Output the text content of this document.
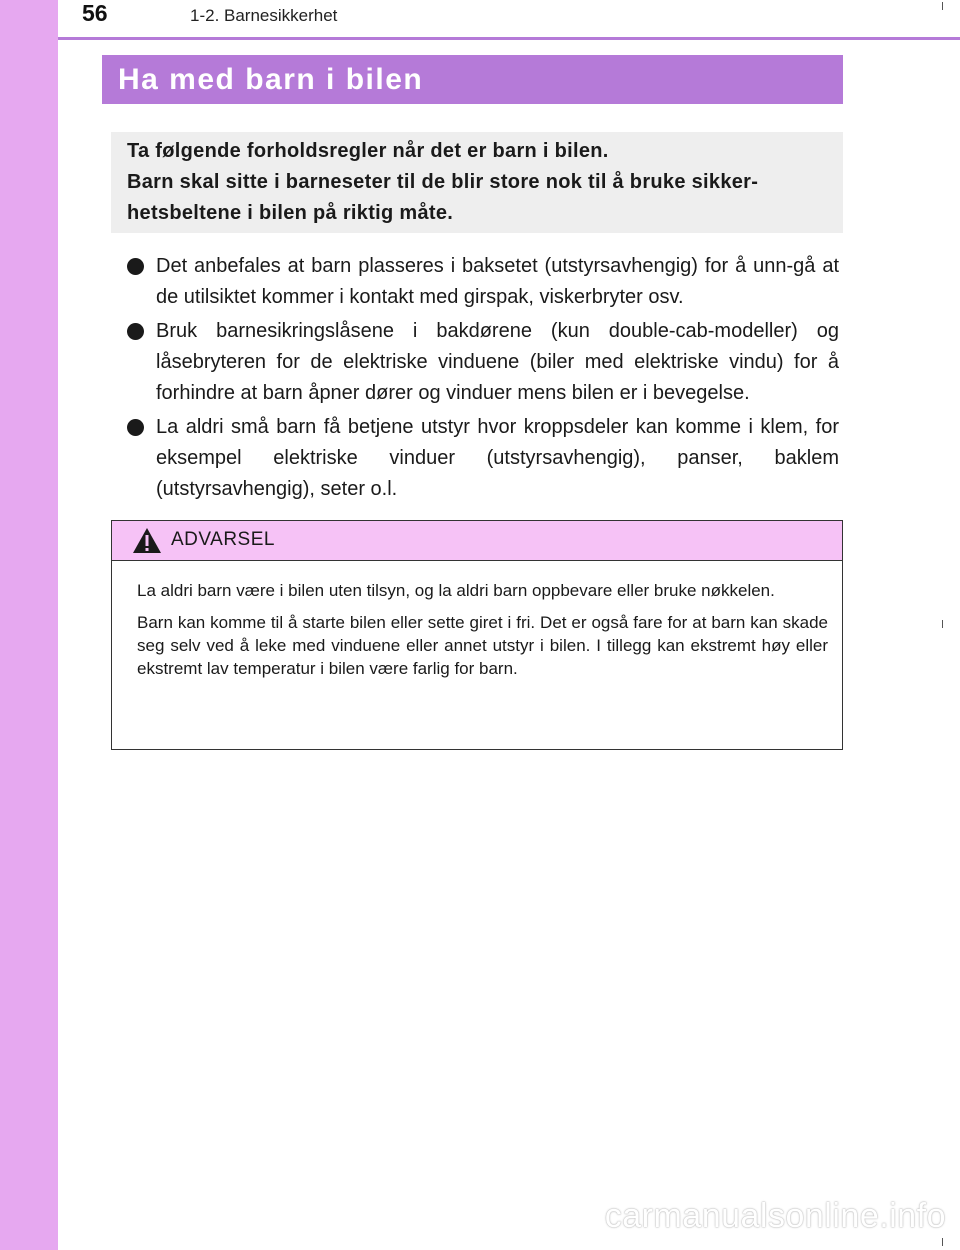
56	1-2. Barnesikkerhet
Ha med barn i bilen
Ta følgende forholdsregler når det er barn i bilen.
Barn skal sitte i barneseter til de blir store nok til å bruke sikker-
hetsbeltene i bilen på riktig måte.
Det anbefales at barn plasseres i baksetet (utstyrsavhengig) for å unn-gå at de utilsiktet kommer i kontakt med girspak, viskerbryter osv.
Bruk barnesikringslåsene i bakdørene (kun double-cab-modeller) og låsebryteren for de elektriske vinduene (biler med elektriske vindu) for å forhindre at barn åpner dører og vinduer mens bilen er i bevegelse.
La aldri små barn få betjene utstyr hvor kroppsdeler kan komme i klem, for eksempel elektriske vinduer (utstyrsavhengig), panser, baklem (utstyrsavhengig), seter o.l.
ADVARSEL

La aldri barn være i bilen uten tilsyn, og la aldri barn oppbevare eller bruke nøkkelen.

Barn kan komme til å starte bilen eller sette giret i fri. Det er også fare for at barn kan skade seg selv ved å leke med vinduene eller annet utstyr i bilen. I tillegg kan ekstremt høy eller ekstremt lav temperatur i bilen være farlig for barn.

carmanualsonline.info
